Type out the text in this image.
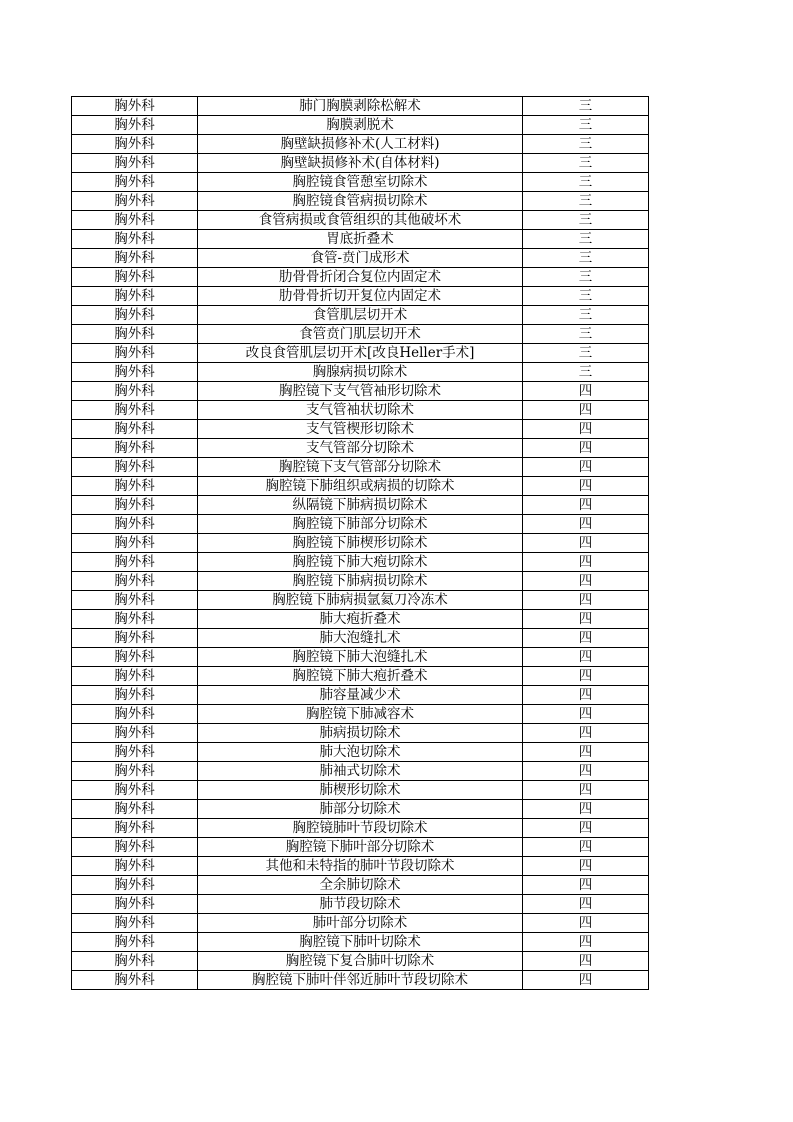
胸外科	肺门胸膜剥除松解术	三
胸外科	胸膜剥脱术	三
胸外科	胸壁缺损修补术(人工材料)	三
胸外科	胸壁缺损修补术(自体材料)	三
胸外科	胸腔镜食管憩室切除术	三
胸外科	胸腔镜食管病损切除术	三
胸外科	食管病损或食管组织的其他破坏术	三
胸外科	胃底折叠术	三
胸外科	食管-贲门成形术	三
胸外科	肋骨骨折闭合复位内固定术	三
胸外科	肋骨骨折切开复位内固定术	三
胸外科	食管肌层切开术	三
胸外科	食管贲门肌层切开术	三
胸外科	改良食管肌层切开术[改良Heller手术]	三
胸外科	胸腺病损切除术	三
胸外科	胸腔镜下支气管袖形切除术	四
胸外科	支气管袖状切除术	四
胸外科	支气管楔形切除术	四
胸外科	支气管部分切除术	四
胸外科	胸腔镜下支气管部分切除术	四
胸外科	胸腔镜下肺组织或病损的切除术	四
胸外科	纵隔镜下肺病损切除术	四
胸外科	胸腔镜下肺部分切除术	四
胸外科	胸腔镜下肺楔形切除术	四
胸外科	胸腔镜下肺大疱切除术	四
胸外科	胸腔镜下肺病损切除术	四
胸外科	胸腔镜下肺病损氩氦刀冷冻术	四
胸外科	肺大疱折叠术	四
胸外科	肺大泡缝扎术	四
胸外科	胸腔镜下肺大泡缝扎术	四
胸外科	胸腔镜下肺大疱折叠术	四
胸外科	肺容量减少术	四
胸外科	胸腔镜下肺减容术	四
胸外科	肺病损切除术	四
胸外科	肺大泡切除术	四
胸外科	肺袖式切除术	四
胸外科	肺楔形切除术	四
胸外科	肺部分切除术	四
胸外科	胸腔镜肺叶节段切除术	四
胸外科	胸腔镜下肺叶部分切除术	四
胸外科	其他和未特指的肺叶节段切除术	四
胸外科	全余肺切除术	四
胸外科	肺节段切除术	四
胸外科	肺叶部分切除术	四
胸外科	胸腔镜下肺叶切除术	四
胸外科	胸腔镜下复合肺叶切除术	四
胸外科	胸腔镜下肺叶伴邻近肺叶节段切除术	四
